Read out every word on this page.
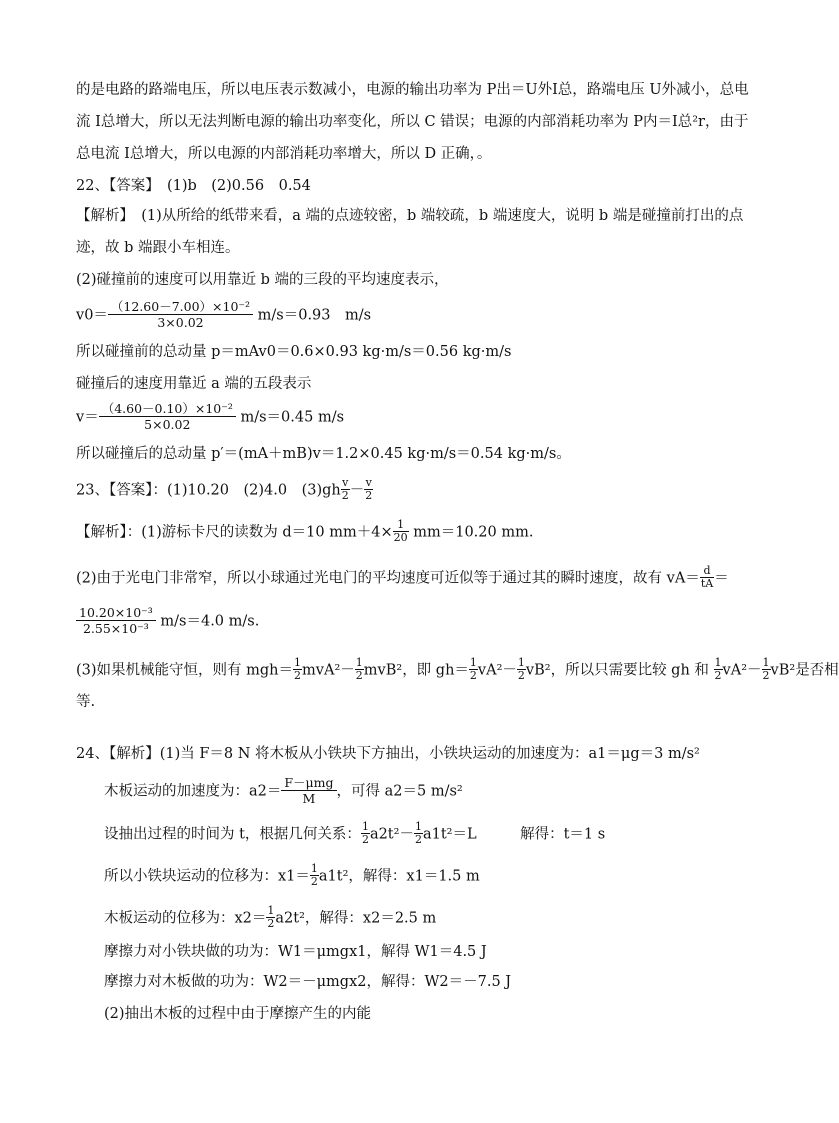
的是电路的路端电压，所以电压表示数减小，电源的输出功率为 P出＝U外I总，路端电压 U外减小，总电
流 I总增大，所以无法判断电源的输出功率变化，所以 C 错误；电源的内部消耗功率为 P内＝I总²r，由于
总电流 I总增大，所以电源的内部消耗功率增大，所以 D 正确，。
22、【答案】　(1)b　(2)0.56　0.54
【解析】　(1)从所给的纸带来看，a 端的点迹较密，b 端较疏，b 端速度大，说明 b 端是碰撞前打出的点
迹，故 b 端跟小车相连。
(2)碰撞前的速度可以用靠近 b 端的三段的平均速度表示，
$v0= \frac{\text{（12.60－7.00）×10⁻²}}{3\times 0.02} m/s=0.93$　m/s
所以碰撞前的总动量 p＝mAv0＝0.6×0.93 kg·m/s＝0.56 kg·m/s
碰撞后的速度用靠近 a 端的五段表示
$v= \frac{\text{（4.60－0.10）×10⁻²}}{5\times 0.02} m/s=0.45$ m/s
所以碰撞后的总动量 p′＝(mA＋mB)v＝1.2×0.45 kg·m/s＝0.54 kg·m/s。
23、【答案】：(1)10.20　(2)4.0　$(3)gh \frac{v}{2} - \frac{v}{2}$
【解析】：(1)游标卡尺的读数为 d＝10 $mm+4\times \frac{1}{20} mm=10.20$ mm.
(2)由于光电门非常窄，所以小球通过光电门的平均速度可近似等于通过其的瞬时速度，故有 $vA= \frac{d}{tA}$ ＝
$\frac{\text{10.20×10⁻³}}{\text{2.55×10⁻³}} m/s=4.0$ m/s.
(3)如果机械能守恒，则有 $mgh= \frac{1}{2} mvA^2- \frac{1}{2} mvB^2$，即 $gh= \frac{1}{2} vA^2- \frac{1}{2} vB^2$，所以只需要比较 gh 和 $\frac{1}{2} vA^2- \frac{1}{2} vB^2$是否相
等.
24、【解析】(1)当 F＝8 N 将木板从小铁块下方抽出，小铁块运动的加速度为：a1＝μg＝3 m/s²
木板运动的加速度为：$a2= \frac{\text{F－μmg}}{M}$ ，可得 a2＝5 m/s²
设抽出过程的时间为 t，根据几何关系： $\frac{1}{2} a2t^2- \frac{1}{2} a1t^2=L$　　　解得：t＝1 s
所以小铁块运动的位移为：$x1= \frac{1}{2} a1t^2$，解得：x1＝1.5 m
木板运动的位移为：$x2= \frac{1}{2} a2t^2$，解得：x2＝2.5 m
摩擦力对小铁块做的功为：W1＝μmgx1，解得 W1＝4.5 J
摩擦力对木板做的功为：W2＝－μmgx2，解得：W2＝－7.5 J
(2)抽出木板的过程中由于摩擦产生的内能
